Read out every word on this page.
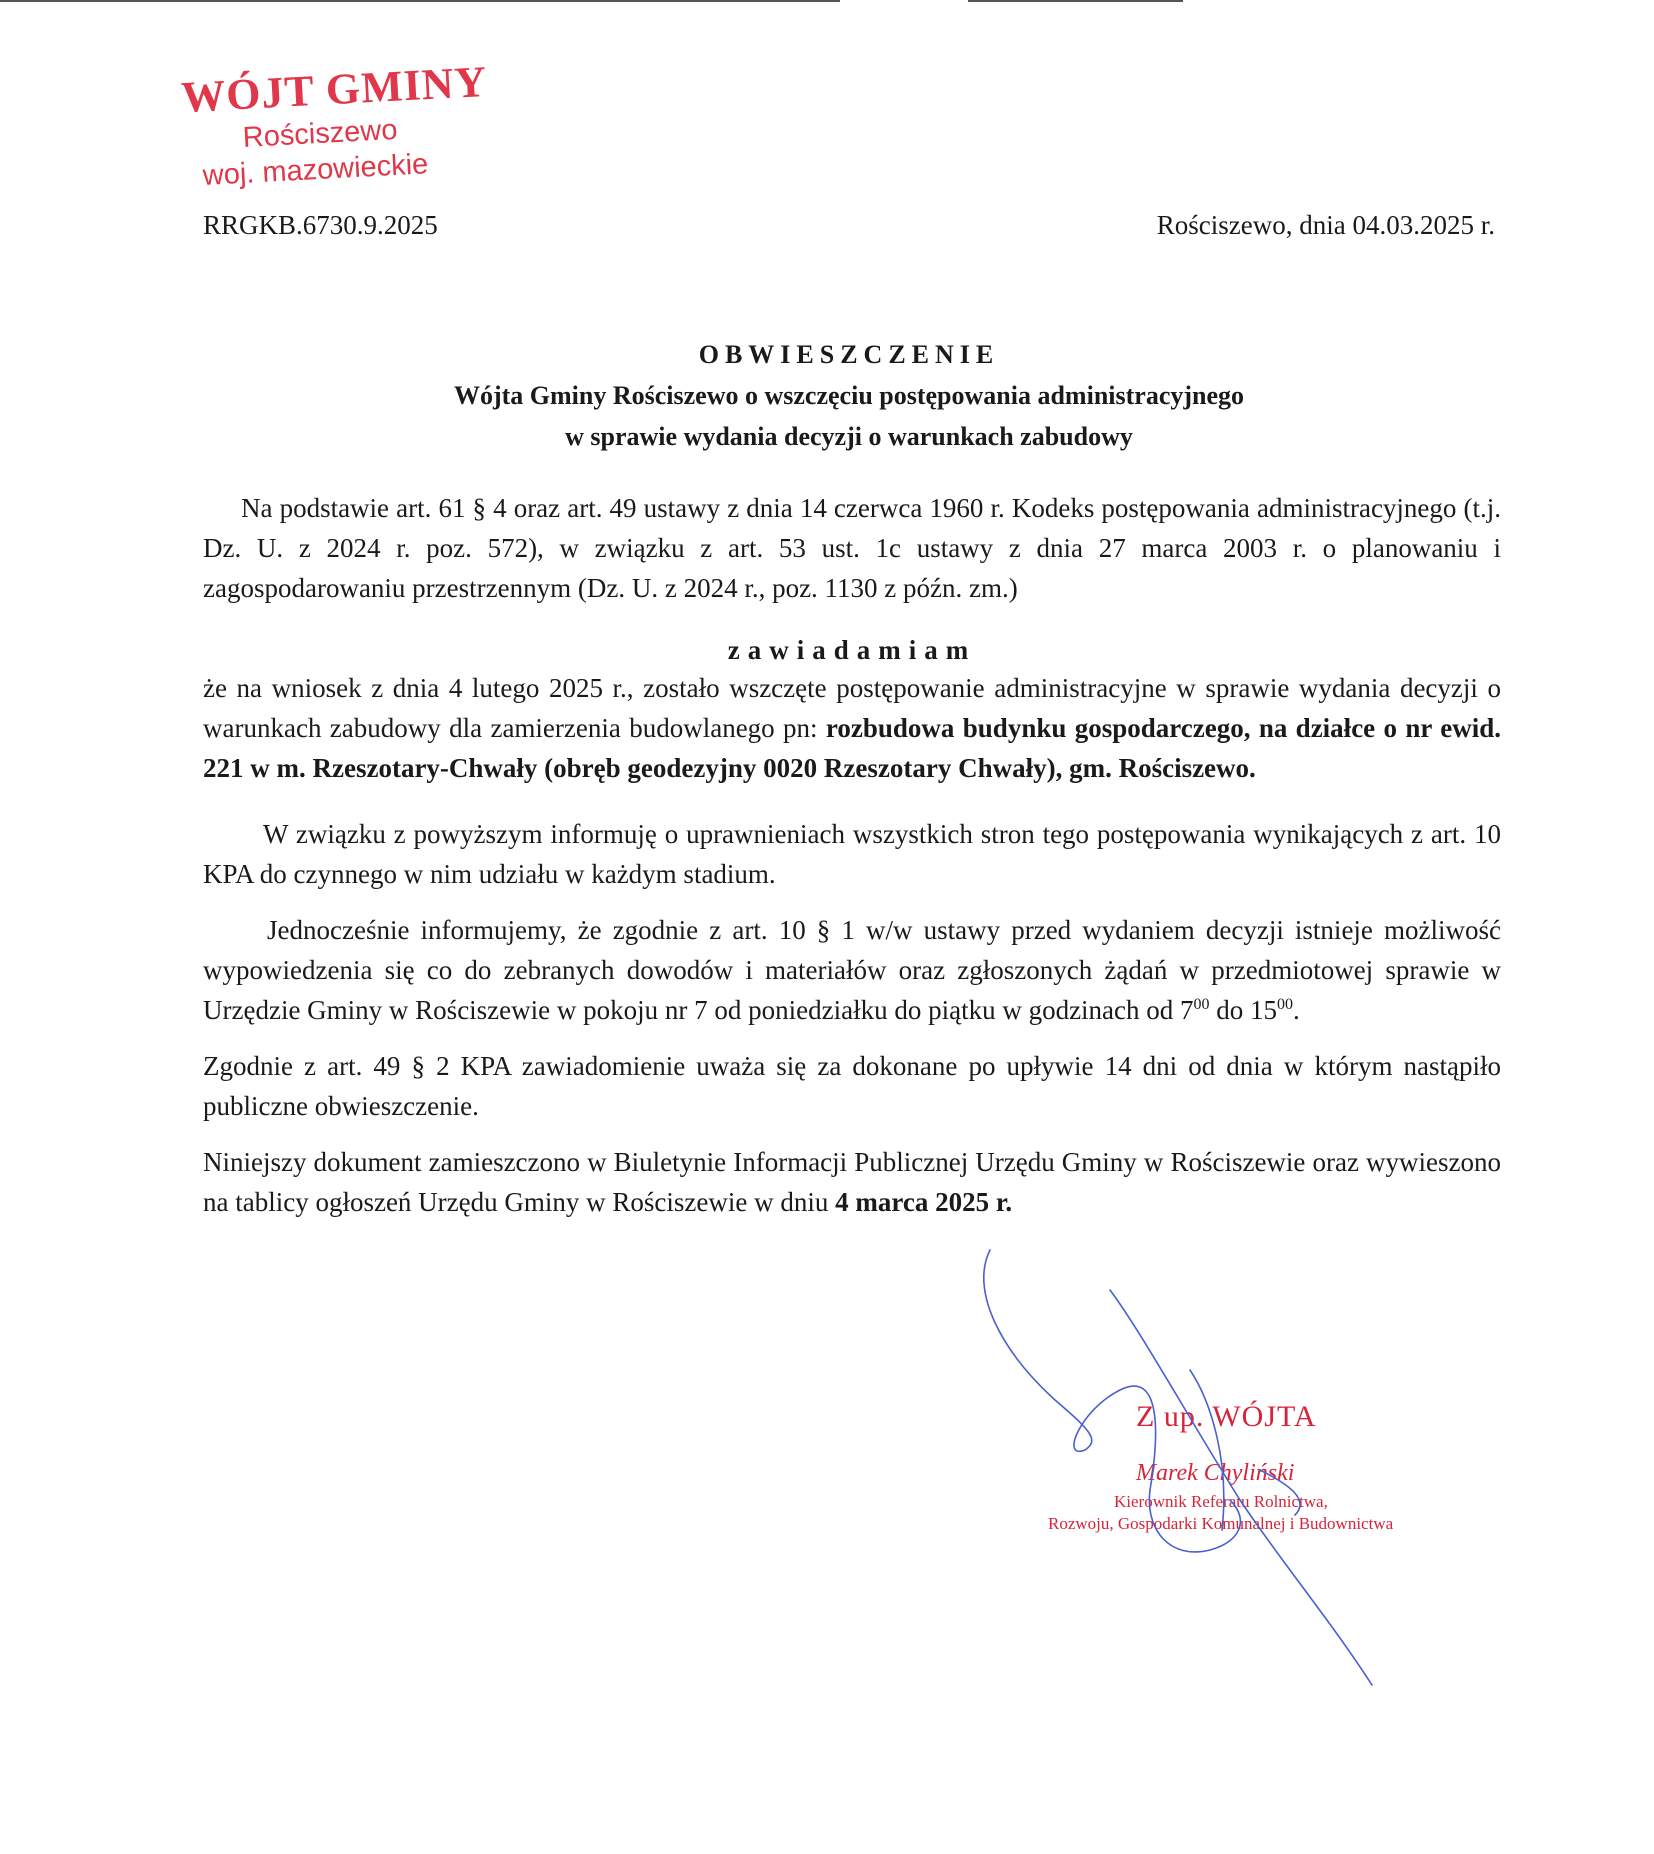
WÓJT GMINY
Rościszewo
woj. mazowieckie
RRGKB.6730.9.2025	Rościszewo, dnia 04.03.2025 r.
OBWIESZCZENIE
Wójta Gminy Rościszewo o wszczęciu postępowania administracyjnego
w sprawie wydania decyzji o warunkach zabudowy

Na podstawie art. 61 § 4 oraz art. 49 ustawy z dnia 14 czerwca 1960 r. Kodeks postępowania administracyjnego (t.j. Dz. U. z 2024 r. poz. 572), w związku z art. 53 ust. 1c ustawy z dnia 27 marca 2003 r. o planowaniu i zagospodarowaniu przestrzennym (Dz. U. z 2024 r., poz. 1130 z późn. zm.)

zawiadamiam

że na wniosek z dnia 4 lutego 2025 r., zostało wszczęte postępowanie administracyjne w sprawie wydania decyzji o warunkach zabudowy dla zamierzenia budowlanego pn: rozbudowa budynku gospodarczego, na działce o nr ewid. 221 w m. Rzeszotary-Chwały (obręb geodezyjny 0020 Rzeszotary Chwały), gm. Rościszewo.

W związku z powyższym informuję o uprawnieniach wszystkich stron tego postępowania wynikających z art. 10 KPA do czynnego w nim udziału w każdym stadium.

Jednocześnie informujemy, że zgodnie z art. 10 § 1 w/w ustawy przed wydaniem decyzji istnieje możliwość wypowiedzenia się co do zebranych dowodów i materiałów oraz zgłoszonych żądań w przedmiotowej sprawie w Urzędzie Gminy w Rościszewie w pokoju nr 7 od poniedziałku do piątku w godzinach od $7^{00}$ do $15^{00}$.

Zgodnie z art. 49 § 2 KPA zawiadomienie uważa się za dokonane po upływie 14 dni od dnia w którym nastąpiło publiczne obwieszczenie.

Niniejszy dokument zamieszczono w Biuletynie Informacji Publicznej Urzędu Gminy w Rościszewie oraz wywieszono na tablicy ogłoszeń Urzędu Gminy w Rościszewie w dniu 4 marca 2025 r.

Z up. WÓJTA
Marek Chyliński
Kierownik Referatu Rolnictwa,
Rozwoju, Gospodarki Komunalnej i Budownictwa
